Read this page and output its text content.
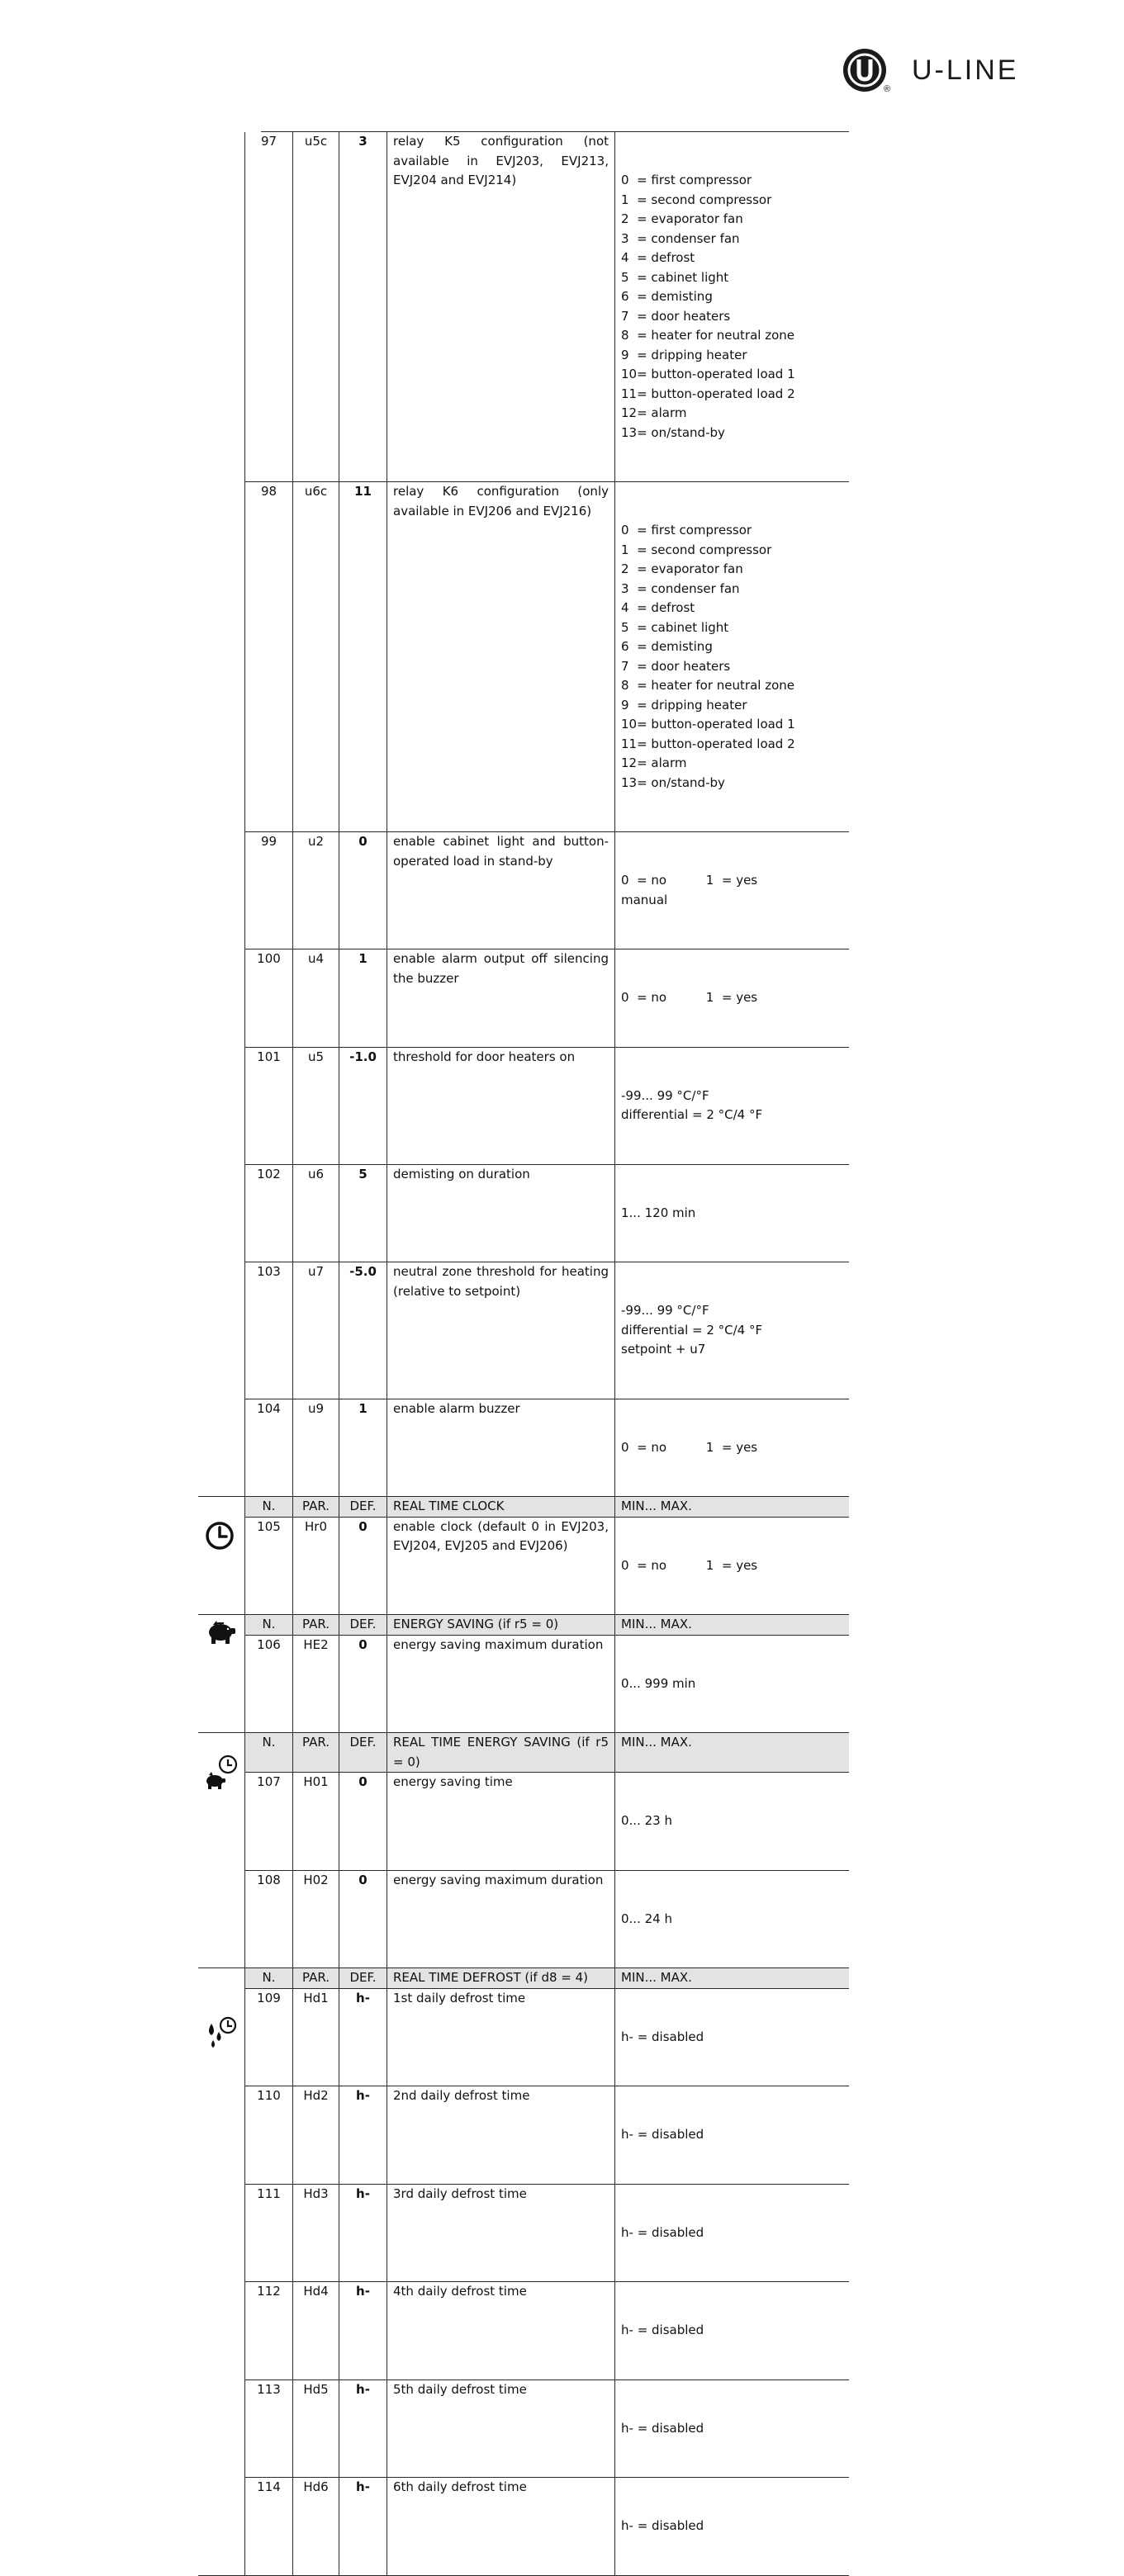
®
U-LINE
97	u5c	3	relay K5 configuration (not available in EVJ203, EVJ213, EVJ204 and EVJ214)

	0  = first compressor
1  = second compressor
2  = evaporator fan
3  = condenser fan
4  = defrost
5  = cabinet light
6  = demisting
7  = door heaters
8  = heater for neutral zone
9  = dripping heater
10= button-operated load 1
11= button-operated load 2
12= alarm
13= on/stand-by

98	u6c	11	relay K6 configuration (only available in EVJ206 and EVJ216)

0  = first compressor
1  = second compressor
2  = evaporator fan
3  = condenser fan
4  = defrost
5  = cabinet light
6  = demisting
7  = door heaters
8  = heater for neutral zone
9  = dripping heater
10= button-operated load 1
11= button-operated load 2
12= alarm
13= on/stand-by

99	u2	0	enable cabinet light and button-operated load in stand-by

0  = no          1  = yes
manual

100	u4	1	enable alarm output off silencing the buzzer

0  = no          1  = yes

101	u5	-1.0	threshold for door heaters on

-99... 99 °C/°F
differential = 2 °C/4 °F

102	u6	5	demisting on duration

1... 120 min

103	u7	-5.0	neutral zone threshold for heating (relative to setpoint)

-99... 99 °C/°F
differential = 2 °C/4 °F
setpoint + u7

104	u9	1	enable alarm buzzer

0  = no          1  = yes

N.	PAR.	DEF.	REAL TIME CLOCK	MIN... MAX.
105	Hr0	0	enable clock (default 0 in EVJ203, EVJ204, EVJ205 and EVJ206)

0  = no          1  = yes

N.	PAR.	DEF.	ENERGY SAVING (if r5 = 0)	MIN... MAX.
106	HE2	0	energy saving maximum duration

0... 999 min

N.	PAR.	DEF.	REAL TIME ENERGY SAVING (if r5 = 0)
MIN... MAX.
107	H01	0	energy saving time

0... 23 h

108	H02	0	energy saving maximum duration

0... 24 h

N.	PAR.	DEF.	REAL TIME DEFROST (if d8 = 4)	MIN... MAX.
109	Hd1	h-	1st daily defrost time

h- = disabled

110	Hd2	h-	2nd daily defrost time

h- = disabled

111	Hd3	h-	3rd daily defrost time

h- = disabled

112	Hd4	h-	4th daily defrost time

h- = disabled

113	Hd5	h-	5th daily defrost time

h- = disabled

114	Hd6	h-	6th daily defrost time

h- = disabled
